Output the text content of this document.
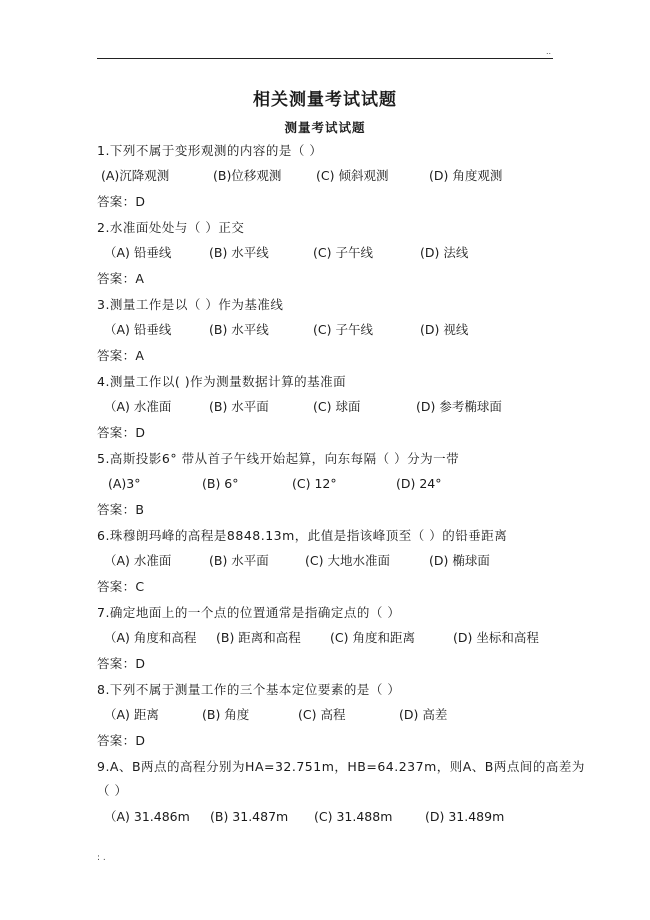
..
相关测量考试试题
测量考试试题
1.下列不属于变形观测的内容的是（ ）
(A)沉降观测	(B)位移观测	(C) 倾斜观测	(D) 角度观测
答案：D
2.水准面处处与（ ）正交
（A) 铅垂线	(B) 水平线	(C) 子午线	(D) 法线
答案：A
3.测量工作是以（ ）作为基准线
（A) 铅垂线	(B) 水平线	(C) 子午线	(D) 视线
答案：A
4.测量工作以( )作为测量数据计算的基准面
（A) 水准面	(B) 水平面	(C) 球面	(D) 参考椭球面
答案：D
5.高斯投影6° 带从首子午线开始起算，向东每隔（ ）分为一带
(A)3°	(B) 6°	(C) 12°	(D) 24°
答案：B
6.珠穆朗玛峰的高程是8848.13m，此值是指该峰顶至（ ）的铅垂距离
（A) 水准面	(B) 水平面	(C) 大地水准面	(D) 椭球面
答案：C
7.确定地面上的一个点的位置通常是指确定点的（ ）
（A) 角度和高程 (B) 距离和高程 (C) 角度和距离	(D) 坐标和高程
答案：D
8.下列不属于测量工作的三个基本定位要素的是（ ）
（A) 距离	(B) 角度	(C) 高程	(D) 高差
答案：D
9.A、B两点的高程分别为HA=32.751m，HB=64.237m，则A、B两点间的高差为
（ ）
（A) 31.486m (B) 31.487m (C) 31.488m	(D) 31.489m
: .
